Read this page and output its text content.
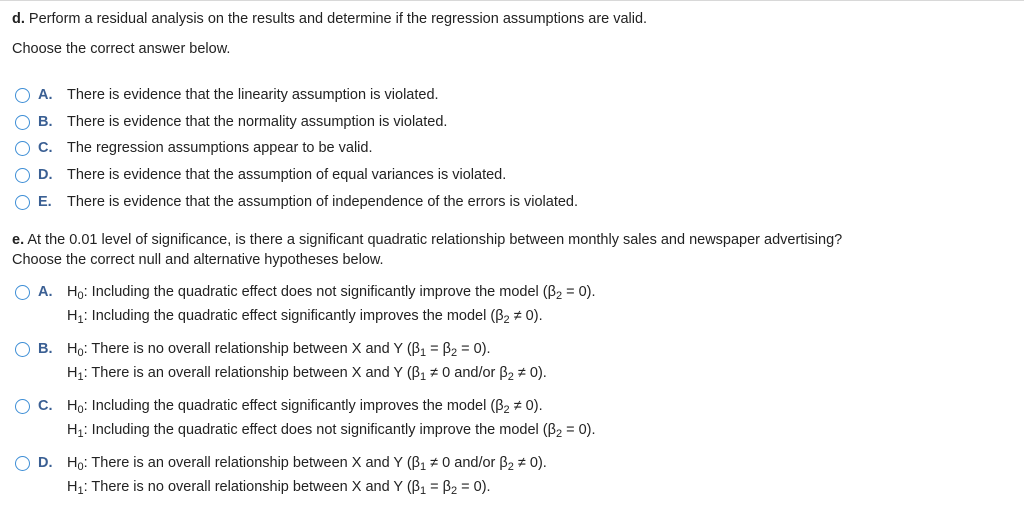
d. Perform a residual analysis on the results and determine if the regression assumptions are valid.
Choose the correct answer below.
A.	There is evidence that the linearity assumption is violated.
B.	There is evidence that the normality assumption is violated.
C.	The regression assumptions appear to be valid.
D.	There is evidence that the assumption of equal variances is violated.
E.	There is evidence that the assumption of independence of the errors is violated.
e. At the 0.01 level of significance, is there a significant quadratic relationship between monthly sales and newspaper advertising?
Choose the correct null and alternative hypotheses below.
A.	$H_0$: Including the quadratic effect does not significantly improve the model $(\beta_2 = 0)$.
$H_1$: Including the quadratic effect significantly improves the model $(\beta_2 \ne 0)$.
B.	$H_0$: There is no overall relationship between X and Y $(\beta_1 = \beta_2 = 0)$.
$H_1$: There is an overall relationship between X and Y ($\beta_1 \ne 0$ and/or $\beta_2 \ne 0$).
C.	$H_0$: Including the quadratic effect significantly improves the model $(\beta_2 \ne 0)$.
$H_1$: Including the quadratic effect does not significantly improve the model $(\beta_2 = 0)$.
D.	$H_0$: There is an overall relationship between X and Y ($\beta_1 \ne 0$ and/or $\beta_2 \ne 0$).
$H_1$: There is no overall relationship between X and Y $(\beta_1 = \beta_2 = 0)$.
